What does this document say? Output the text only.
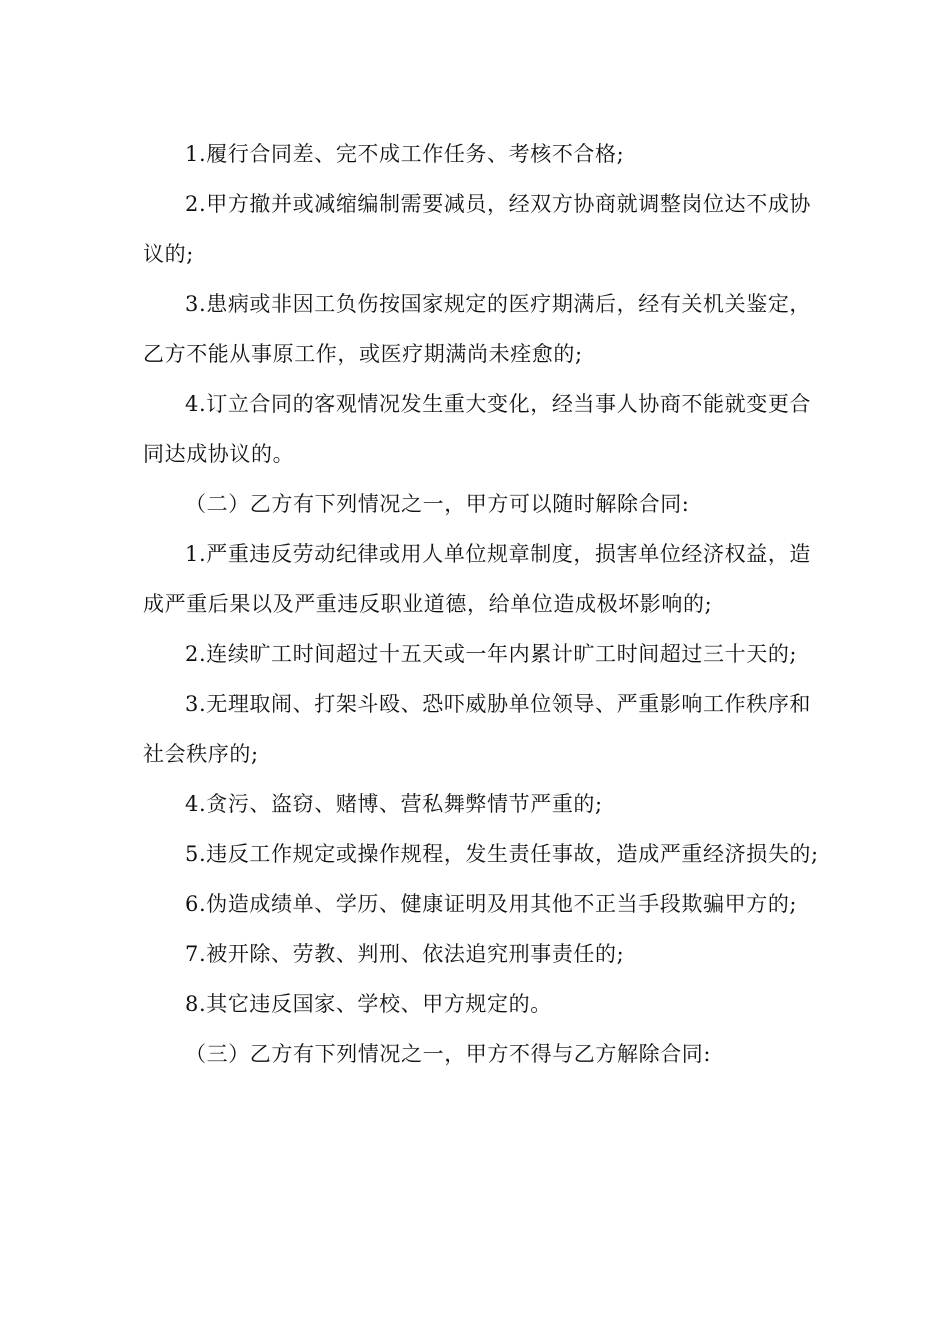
1.履行合同差、完不成工作任务、考核不合格;

2.甲方撤并或减缩编制需要减员，经双方协商就调整岗位达不成协议的;

3.患病或非因工负伤按国家规定的医疗期满后，经有关机关鉴定，乙方不能从事原工作，或医疗期满尚未痊愈的;

4.订立合同的客观情况发生重大变化，经当事人协商不能就变更合同达成协议的。

（二）乙方有下列情况之一，甲方可以随时解除合同:

1.严重违反劳动纪律或用人单位规章制度，损害单位经济权益，造成严重后果以及严重违反职业道德，给单位造成极坏影响的;

2.连续旷工时间超过十五天或一年内累计旷工时间超过三十天的;

3.无理取闹、打架斗殴、恐吓威胁单位领导、严重影响工作秩序和社会秩序的;

4.贪污、盗窃、赌博、营私舞弊情节严重的;

5.违反工作规定或操作规程，发生责任事故，造成严重经济损失的;

6.伪造成绩单、学历、健康证明及用其他不正当手段欺骗甲方的;

7.被开除、劳教、判刑、依法追究刑事责任的;

8.其它违反国家、学校、甲方规定的。

（三）乙方有下列情况之一，甲方不得与乙方解除合同:
